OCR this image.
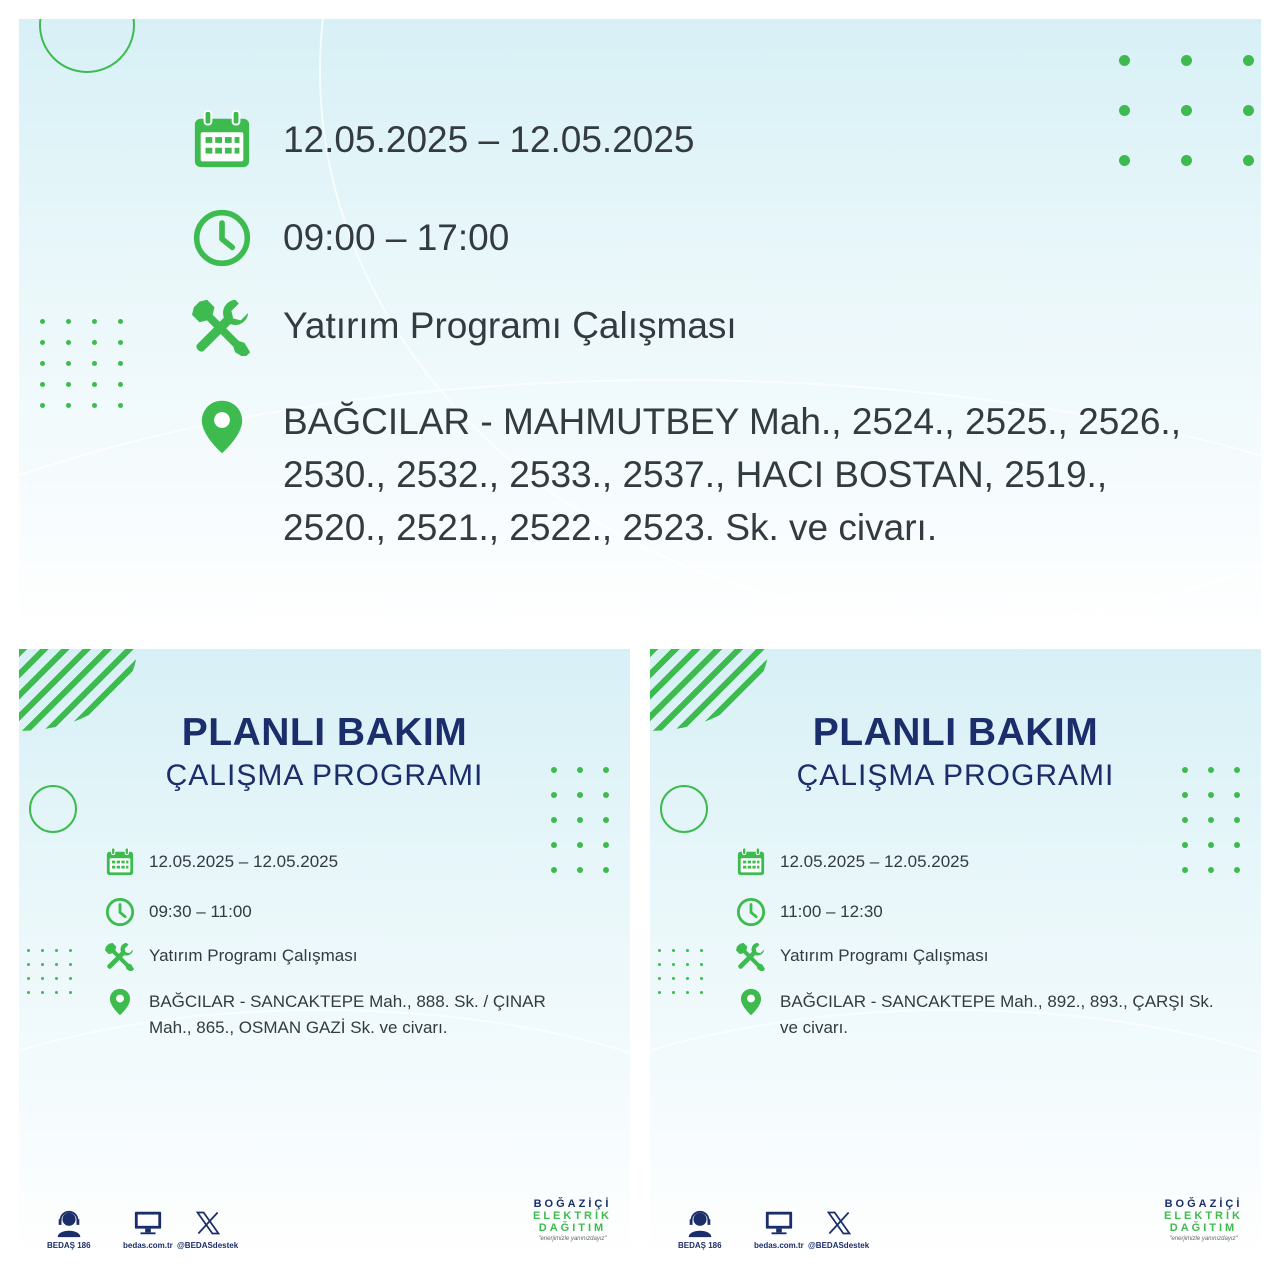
12.05.2025 – 12.05.2025
09:00 – 17:00
Yatırım Programı Çalışması
BAĞCILAR - MAHMUTBEY Mah., 2524., 2525., 2526.,
2530., 2532., 2533., 2537., HACI BOSTAN, 2519.,
2520., 2521., 2522., 2523. Sk. ve civarı.
PLANLI BAKIM
ÇALIŞMA PROGRAMI
12.05.2025 – 12.05.2025
09:30 – 11:00
Yatırım Programı Çalışması
BAĞCILAR - SANCAKTEPE Mah., 888. Sk. / ÇINAR
Mah., 865., OSMAN GAZİ Sk. ve civarı.
BEDAŞ 186	bedas.com.tr @BEDASdestek
BOĞAZİÇİ
ELEKTRİK
DAĞITIM
"enerjimizle yanınızdayız"
PLANLI BAKIM
ÇALIŞMA PROGRAMI
12.05.2025 – 12.05.2025
11:00 – 12:30
Yatırım Programı Çalışması
BAĞCILAR - SANCAKTEPE Mah., 892., 893., ÇARŞI Sk.
ve civarı.
BEDAŞ 186	bedas.com.tr @BEDASdestek
BOĞAZİÇİ
ELEKTRİK
DAĞITIM
"enerjimizle yanınızdayız"
